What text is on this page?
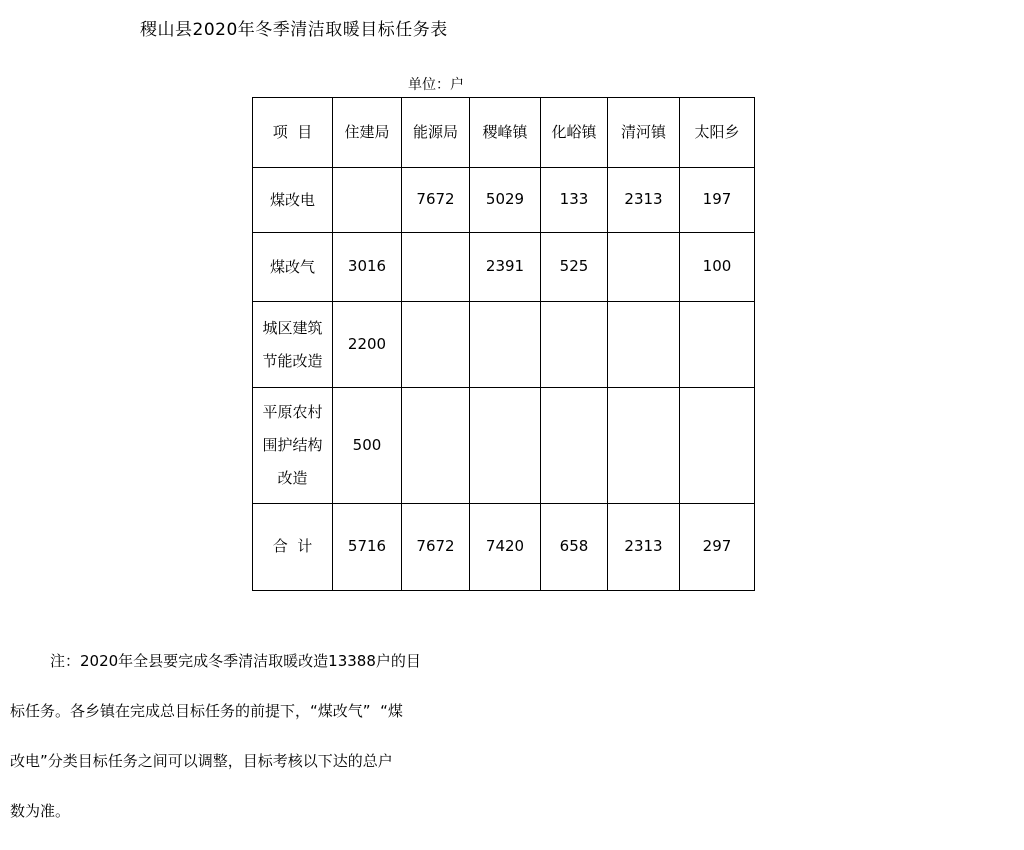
稷山县2020年冬季清洁取暖目标任务表
单位：户
项  目	住建局	能源局	稷峰镇	化峪镇	清河镇	太阳乡
煤改电		7672	5029	133	2313	197
煤改气	3016		2391	525		100
城区建筑节能改造	2200					
平原农村围护结构改造	500					
合  计	5716	7672	7420	658	2313	297
注：2020年全县要完成冬季清洁取暖改造13388户的目
标任务。各乡镇在完成总目标任务的前提下，“煤改气”  “煤
改电”分类目标任务之间可以调整，目标考核以下达的总户
数为准。
